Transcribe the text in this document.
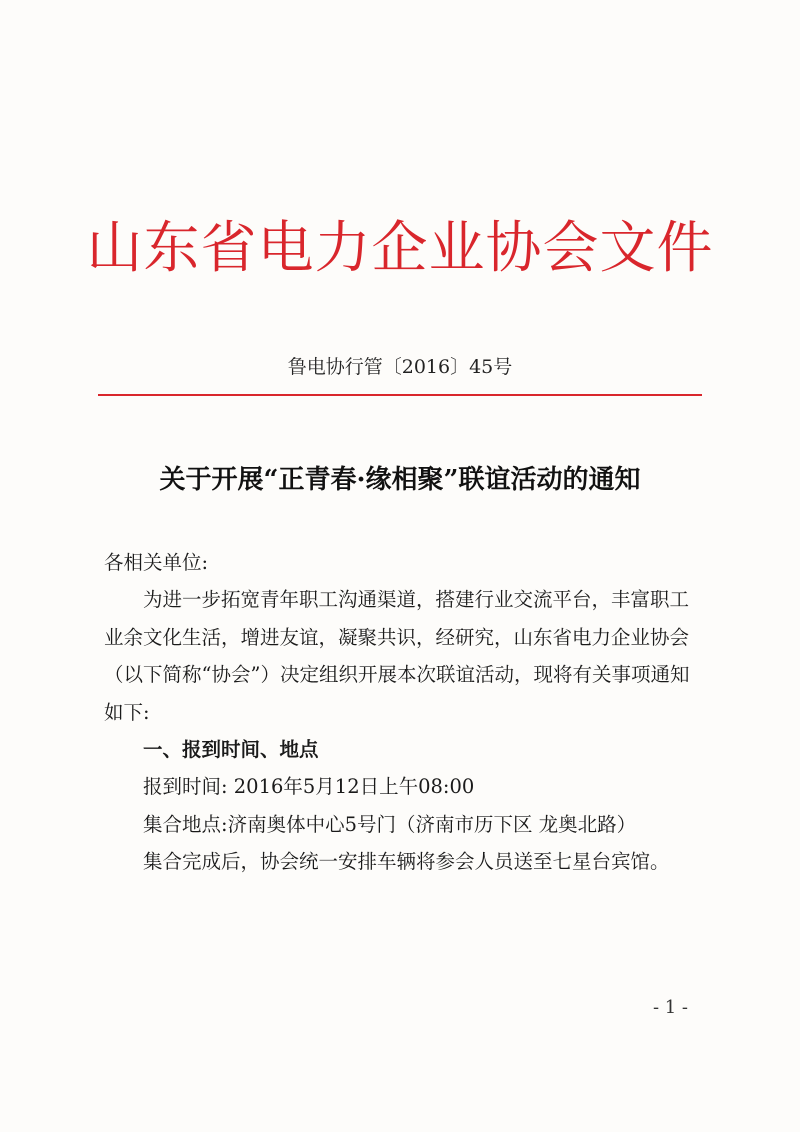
山东省电力企业协会文件
鲁电协行管〔2016〕45号
关于开展“正青春·缘相聚”联谊活动的通知

各相关单位:

为进一步拓宽青年职工沟通渠道，搭建行业交流平台，丰富职工业余文化生活，增进友谊，凝聚共识，经研究，山东省电力企业协会（以下简称“协会”）决定组织开展本次联谊活动，现将有关事项通知如下:

一、报到时间、地点

报到时间: 2016年5月12日上午08:00

集合地点:济南奥体中心5号门（济南市历下区 龙奥北路）

集合完成后，协会统一安排车辆将参会人员送至七星台宾馆。

- 1 -
